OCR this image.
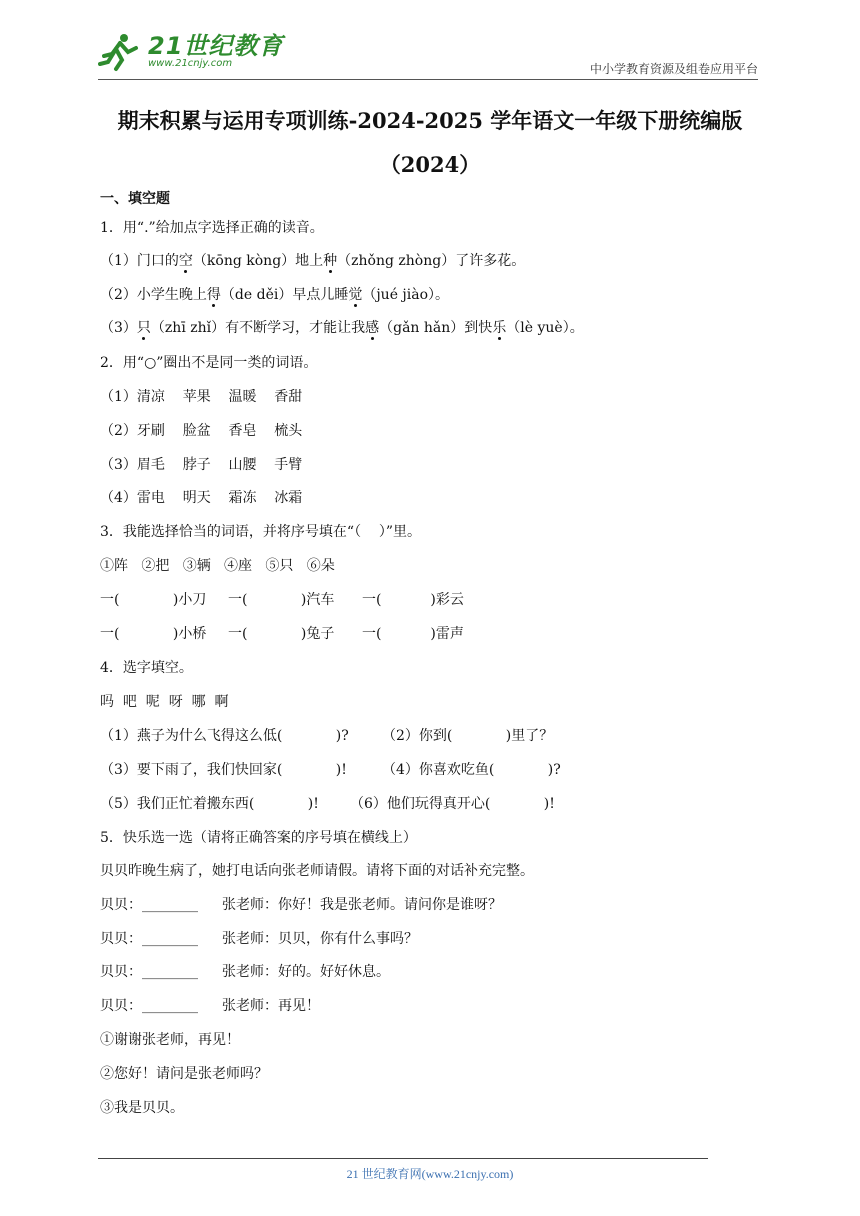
21世纪教育
www.21cnjy.com	中小学教育资源及组卷应用平台
期末积累与运用专项训练-2024-2025 学年语文一年级下册统编版
（2024）
一、填空题
1．用“.”给加点字选择正确的读音。
（1）门口的空（kōng kòng）地上种（zhǒng zhòng）了许多花。
（2）小学生晚上得（de děi）早点儿睡觉（jué jiào）。
（3）只（zhī zhǐ）有不断学习，才能让我感（gǎn hǎn）到快乐（lè yuè）。
2．用“○”圈出不是同一类的词语。
（1）清凉    苹果    温暖    香甜
（2）牙刷    脸盆    香皂    梳头
（3）眉毛    脖子    山腰    手臂
（4）雷电    明天    霜冻    冰霜
3．我能选择恰当的词语，并将序号填在“（    ）”里。
①阵   ②把   ③辆   ④座   ⑤只   ⑥朵
一(            )小刀 一(            )汽车 一(           )彩云
一(            )小桥 一(            )兔子 一(           )雷声
4．选字填空。
吗  吧  呢  呀  哪  啊
（1）燕子为什么飞得这么低(            )? （2）你到(            )里了？
（3）要下雨了，我们快回家(            )!	（4）你喜欢吃鱼(            )?
（5）我们正忙着搬东西(            )! （6）他们玩得真开心(            )!
5．快乐选一选（请将正确答案的序号填在横线上）
贝贝昨晚生病了，她打电话向张老师请假。请将下面的对话补充完整。
贝贝：________ 张老师：你好！我是张老师。请问你是谁呀？
贝贝：________ 张老师：贝贝，你有什么事吗？
贝贝：________ 张老师：好的。好好休息。
贝贝：________ 张老师：再见！
①谢谢张老师，再见！
②您好！请问是张老师吗？
③我是贝贝。
21 世纪教育网(www.21cnjy.com)
